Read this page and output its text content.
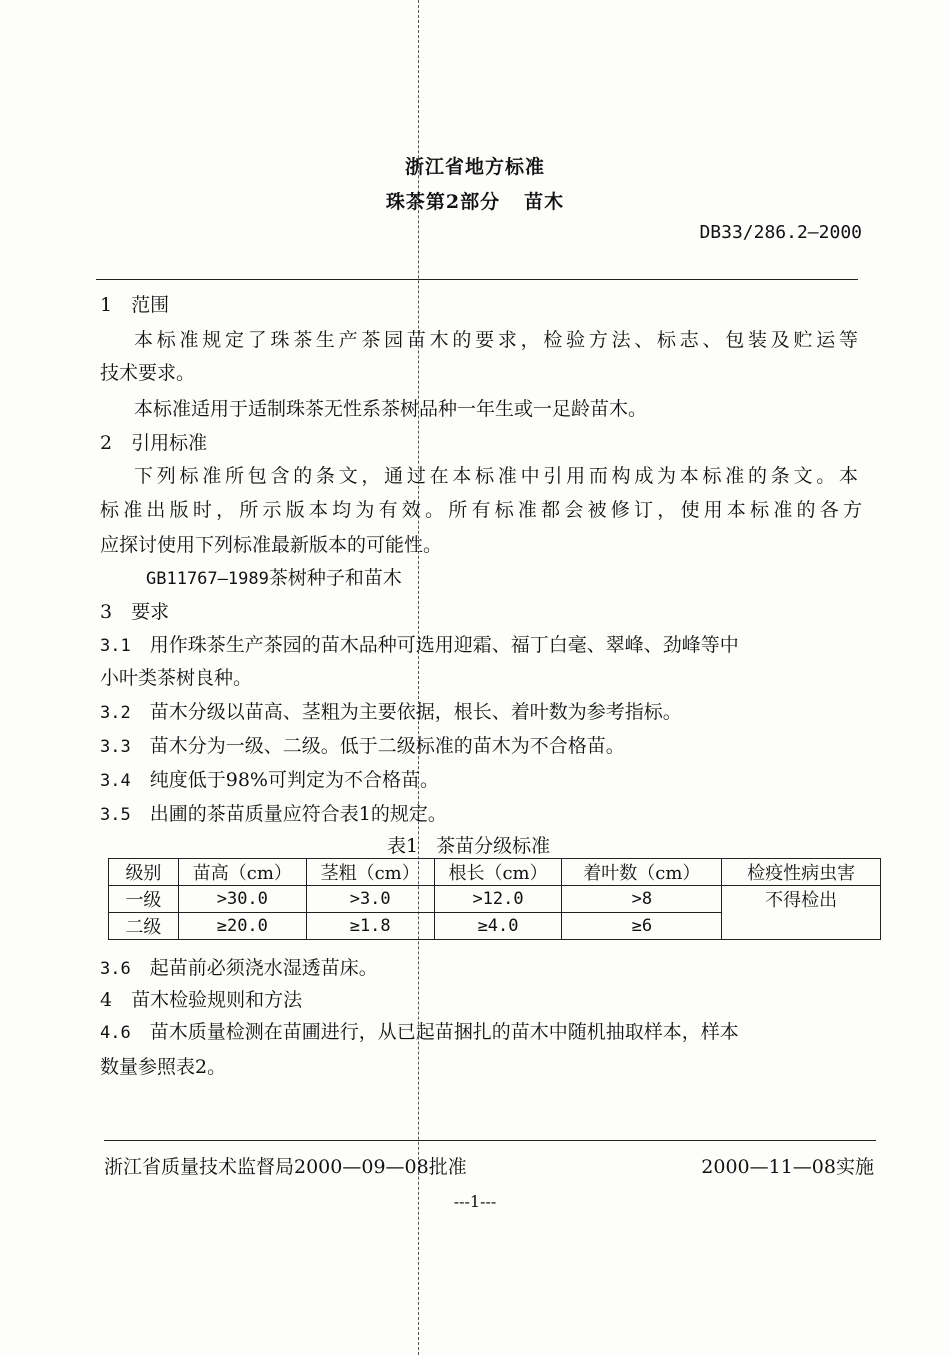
浙江省地方标准
珠茶第2部分 苗木
DB33/286.2—2000
1　范围
本标准规定了珠茶生产茶园苗木的要求，检验方法、标志、包装及贮运等
技术要求。
本标准适用于适制珠茶无性系茶树品种一年生或一足龄苗木。
2　引用标准
下列标准所包含的条文，通过在本标准中引用而构成为本标准的条文。本
标准出版时，所示版本均为有效。所有标准都会被修订，使用本标准的各方
应探讨使用下列标准最新版本的可能性。
GB11767—1989茶树种子和苗木
3　要求
3.1　 用作珠茶生产茶园的苗木品种可选用迎霜、福丁白毫、翠峰、劲峰等中
小叶类茶树良种。
3.2　 苗木分级以苗高、茎粗为主要依据，根长、着叶数为参考指标。
3.3　 苗木分为一级、二级。低于二级标准的苗木为不合格苗。
3.4　 纯度低于98%可判定为不合格苗。
3.5　 出圃的茶苗质量应符合表1的规定。
表1 茶苗分级标准
级别	苗高（cm）	茎粗（cm）	根长（cm）	着叶数（cm）	检疫性病虫害
一级	>30.0	>3.0	>12.0	>8	不得检出
二级	≥20.0	≥1.8	≥4.0	≥6	
3.6　 起苗前必须浇水湿透苗床。
4　苗木检验规则和方法
4.6　 苗木质量检测在苗圃进行，从已起苗捆扎的苗木中随机抽取样本，样本
数量参照表2。
浙江省质量技术监督局2000—09—08批准	2000—11—08实施
---1---
